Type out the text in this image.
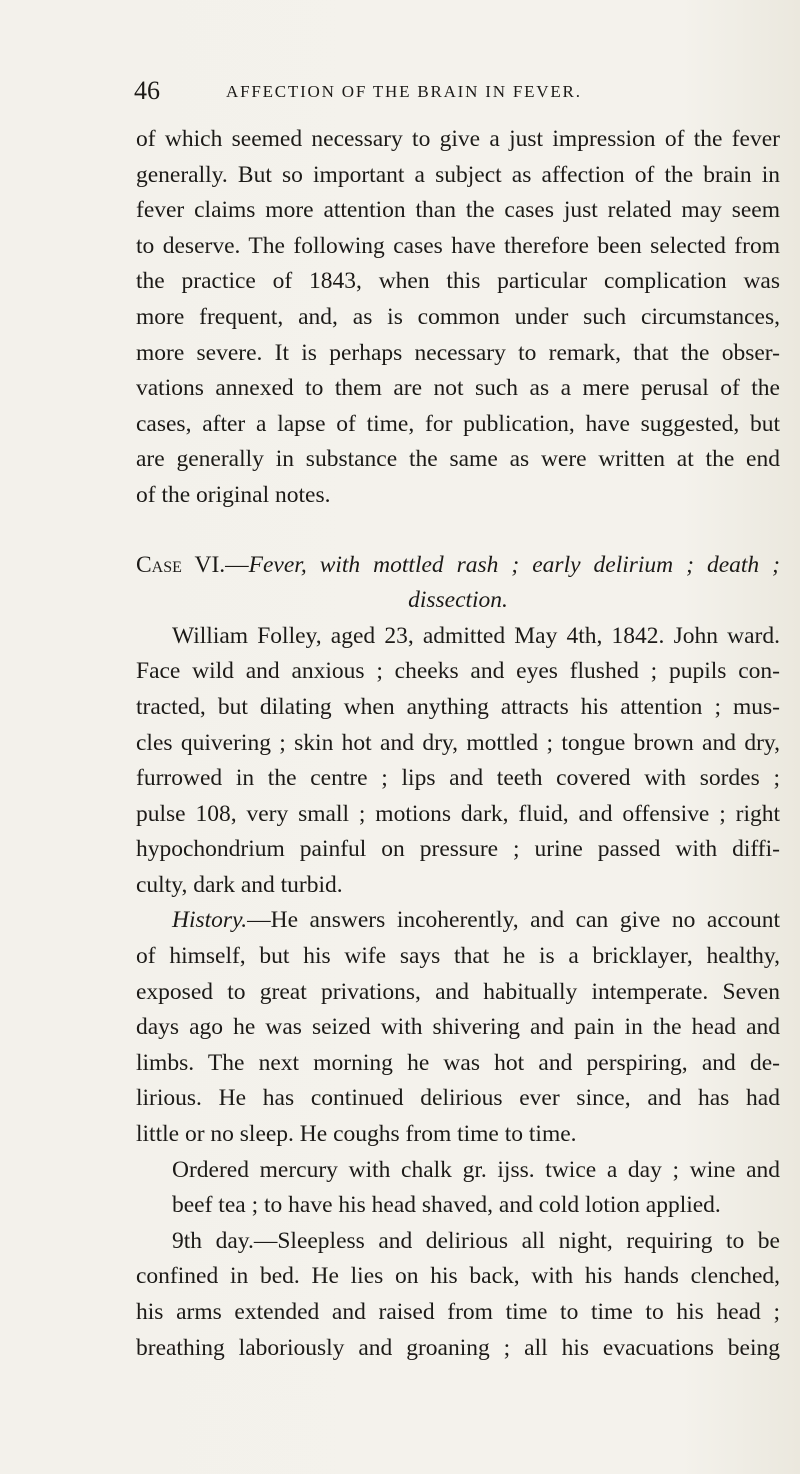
46	AFFECTION OF THE BRAIN IN FEVER.
of which seemed necessary to give a just impression of the fever
generally. But so important a subject as affection of the brain in
fever claims more attention than the cases just related may seem
to deserve. The following cases have therefore been selected from
the practice of 1843, when this particular complication was
more frequent, and, as is common under such circumstances,
more severe. It is perhaps necessary to remark, that the obser-
vations annexed to them are not such as a mere perusal of the
cases, after a lapse of time, for publication, have suggested, but
are generally in substance the same as were written at the end
of the original notes.
Case VI.—Fever, with mottled rash ; early delirium ; death ;
dissection.
William Folley, aged 23, admitted May 4th, 1842. John ward.
Face wild and anxious ; cheeks and eyes flushed ; pupils con-
tracted, but dilating when anything attracts his attention ; mus-
cles quivering ; skin hot and dry, mottled ; tongue brown and dry,
furrowed in the centre ; lips and teeth covered with sordes ;
pulse 108, very small ; motions dark, fluid, and offensive ; right
hypochondrium painful on pressure ; urine passed with diffi-
culty, dark and turbid.
History.—He answers incoherently, and can give no account
of himself, but his wife says that he is a bricklayer, healthy,
exposed to great privations, and habitually intemperate. Seven
days ago he was seized with shivering and pain in the head and
limbs. The next morning he was hot and perspiring, and de-
lirious. He has continued delirious ever since, and has had
little or no sleep. He coughs from time to time.
Ordered mercury with chalk gr. ijss. twice a day ; wine and
beef tea ; to have his head shaved, and cold lotion applied.
9th day.—Sleepless and delirious all night, requiring to be
confined in bed. He lies on his back, with his hands clenched,
his arms extended and raised from time to time to his head ;
breathing laboriously and groaning ; all his evacuations being
